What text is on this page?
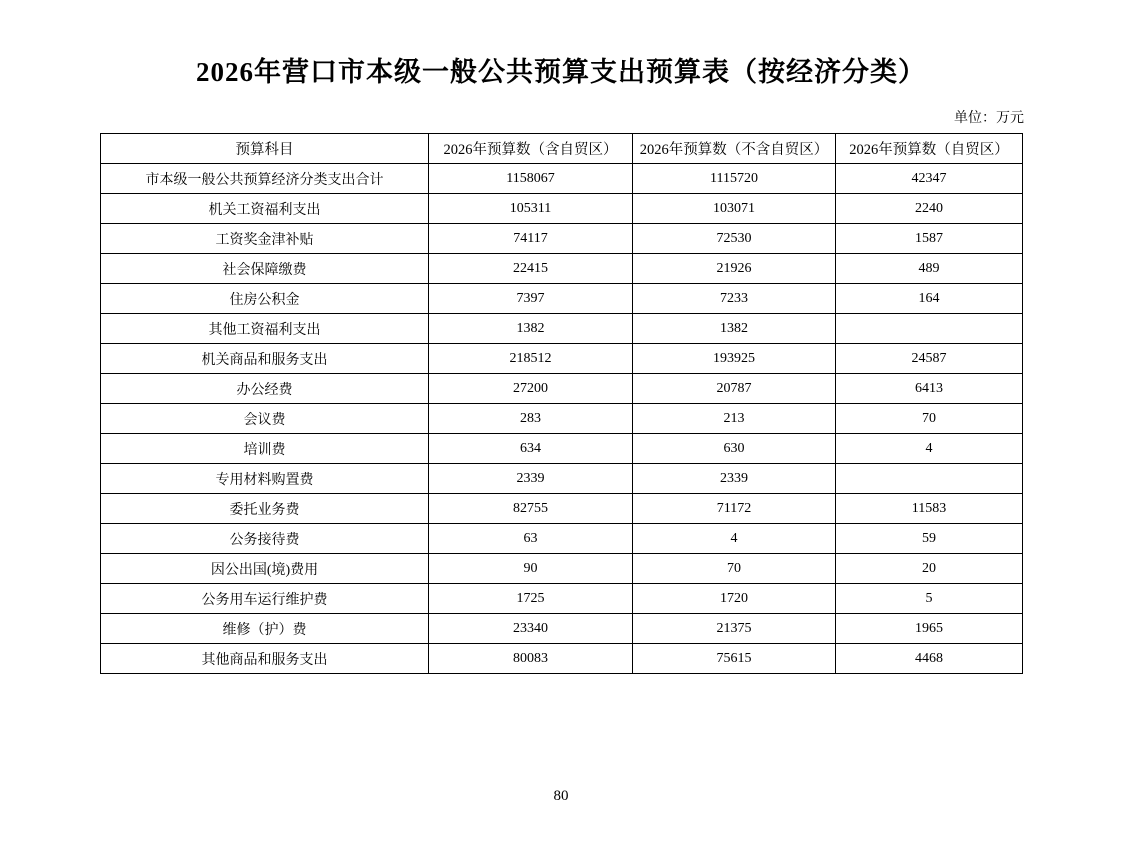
2026年营口市本级一般公共预算支出预算表（按经济分类）
单位：万元
预算科目	2026年预算数（含自贸区）	2026年预算数（不含自贸区）	2026年预算数（自贸区）
市本级一般公共预算经济分类支出合计	1158067	1115720	42347
机关工资福利支出	105311	103071	2240
工资奖金津补贴	74117	72530	1587
社会保障缴费	22415	21926	489
住房公积金	7397	7233	164
其他工资福利支出	1382	1382	
机关商品和服务支出	218512	193925	24587
办公经费	27200	20787	6413
会议费	283	213	70
培训费	634	630	4
专用材料购置费	2339	2339	
委托业务费	82755	71172	11583
公务接待费	63	4	59
因公出国(境)费用	90	70	20
公务用车运行维护费	1725	1720	5
维修（护）费	23340	21375	1965
其他商品和服务支出	80083	75615	4468
80
